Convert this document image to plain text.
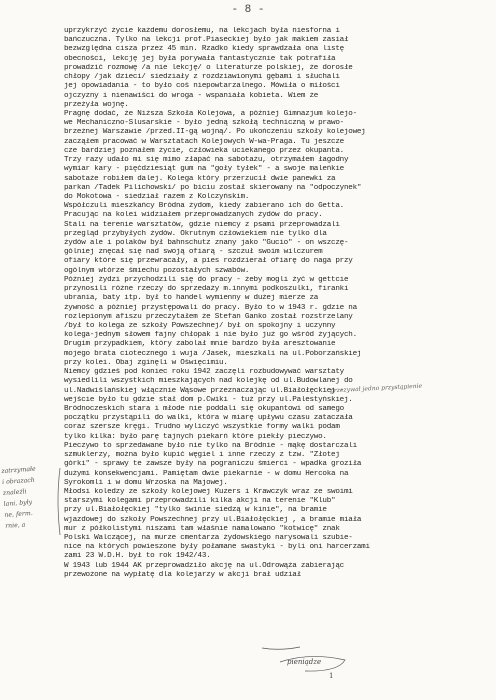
- 8 -
uprzykrzyć życie każdemu dorosłemu, na lekcjach była niesforna i
bańczuczna. Tylko na lekcji prof.Piaseckiej było jak makiem zasiał
bezwzględna cisza przez 45 min. Rzadko kiedy sprawdzała ona listę
obecności, lekcję jej była porywała fantastycznie tak potrafiła
prowadzić rozmowę /a nie lekcję/ o literaturze polskiej, że dorosłe
chłopy /jak dzieci/ siedziały z rozdziawionymi gębami i słuchali
jej opowiadania - to było coś niepowtarzalnego. Mówiła o miłości
ojczyzny i nienawiści do wroga - wspaniała kobieta. Wiem że
przeżyła wojnę.
Pragnę dodać, że Niższa Szkoła Kolejowa, a później Gimnazjum kolejo-
we Mechaniczno-Ślusarskie - było jedną szkołą techniczną w prawo-
brzeżnej Warszawie /przed.II-gą wojną/. Po ukończeniu szkoły kolejowej
zacząłem pracować w Warsztatach Kolejowych W-wa-Praga. Tu jeszcze
cze bardziej poznałem życie, człowieka uciekanego przez okupanta.
Trzy razy udało mi się mimo złapać na sabotażu, otrzymałem łagodny
wymiar kary - pięćdziesiąt gum na "goły tyłek" - a swoje maleńkie
sabotaże robiłem dalej. Kolega który przerzucił dwie panewki za
parkan /Tadek Pilichowski/ po biciu został skierowany na "odpoczynek"
do Mokotowa - siedział razem z Kolczyńskim.
Współczuli mieszkańcy Bródna żydom, kiedy zabierano ich do Getta.
Pracując na kolei widziałem przeprowadzanych żydów do pracy.
Stali na terenie warsztatów, gdzie niemcy z psami przeprowadzali
przegląd przybyłych żydów. Okrutnym człowiekiem nie tylko dla
żydów ale i polaków był bahnschutz znany jako "Gucio" - on wszczę-
gólniej znęcał się nad swoją ofiarą - szczuł swoim wilczurem
ofiary które się przewracały, a pies rozdzierał ofiarę do naga przy
ogólnym wtórze śmiechu pozostałych szwabów.
Później żydzi przychodzili się do pracy - żeby mogli żyć w gettcie
przynosili różne rzeczy do sprzedaży m.innymi podkoszulki, firanki
ubrania, baty itp. był to handel wymienny w dużej mierze za
żywność a później przystępowali do pracy. Było to w 1943 r. gdzie na
rozlepionym afiszu przeczytałem że Stefan Ganko został rozstrzelany
/był to kolega ze szkoły Powszechnej/ był on spokojny i uczynny
kolega-jednym słowem fajny chłopak i nie było już go wśród żyjących.
Drugim przypadkiem, który zabolał mnie bardzo była aresztowanie
mojego brata ciotecznego i wuja /Jasek, mieszkali na ul.Poborzańskiej
przy kolei. Obaj zginęli w Oświęcimiu.
Niemcy gdzieś pod koniec roku 1942 zaczęli rozbudowywać warsztaty
wysiedlili wszystkich mieszkających nad kolejkę od ul.Budowlanej do
ul.Nadwiślańskiej włącznie Wąsowe przeznaczając ul.Białołęckiej -
wejście było tu gdzie stał dom p.Cwiki - tuż przy ul.Palestyńskiej.
Bródnoczeskich stara i młode nie poddali się okupantowi od samego
początku przystąpili do walki, która w miarę upływu czasu zataczała
coraz szersze kręgi. Trudno wyliczyć wszystkie formy walki podam
tylko kilka: było parę tajnych piekarń które piekły pieczywo.
Pieczywo to sprzedawane było nie tylko na Bródnie - mąkę dostarczali
szmuklerzy, można było kupić węgiel i inne rzeczy z tzw. "Złotej
górki" - sprawy te zawsze były na pograniczu śmierci - wpadka groziła
dużymi konsekwencjami. Pamiętam dwie piekarnie - w domu Hercoka na
Syrokomli i w domu Wrzoska na Majowej.
Młodsi koledzy ze szkoły kolejowej Kuzers i Krawczyk wraz ze swoimi
starszymi kolegami przeprowadzili kilka akcji na terenie "Klub"
przy ul.Białołęckiej "tylko świnie siedzą w kinie", na bramie
wjazdowej do szkoły Powszechnej przy ul.Białołęckiej , a bramie miała
mur z półkolistymi niszami tam właśnie namalowano "kotwicę" znak
Polski Walczącej, na murze cmentarza żydowskiego narysowali szubie-
nice na których powieszone były połamane swastyki - byli oni harcerzami
zami 23 W.D.H. był to rok 1942/43.
W 1943 lub 1944 AK przeprowadziło akcję na ul.Odrowąża zabierając
przewożone na wypłatę dla kolejarzy w akcji brał udział
zatrzymałe
i obrazach
znaleźli
lani, były
ne, ferm.
rnie, a
przezywał jedno przystąpienie
pieniądze
1
